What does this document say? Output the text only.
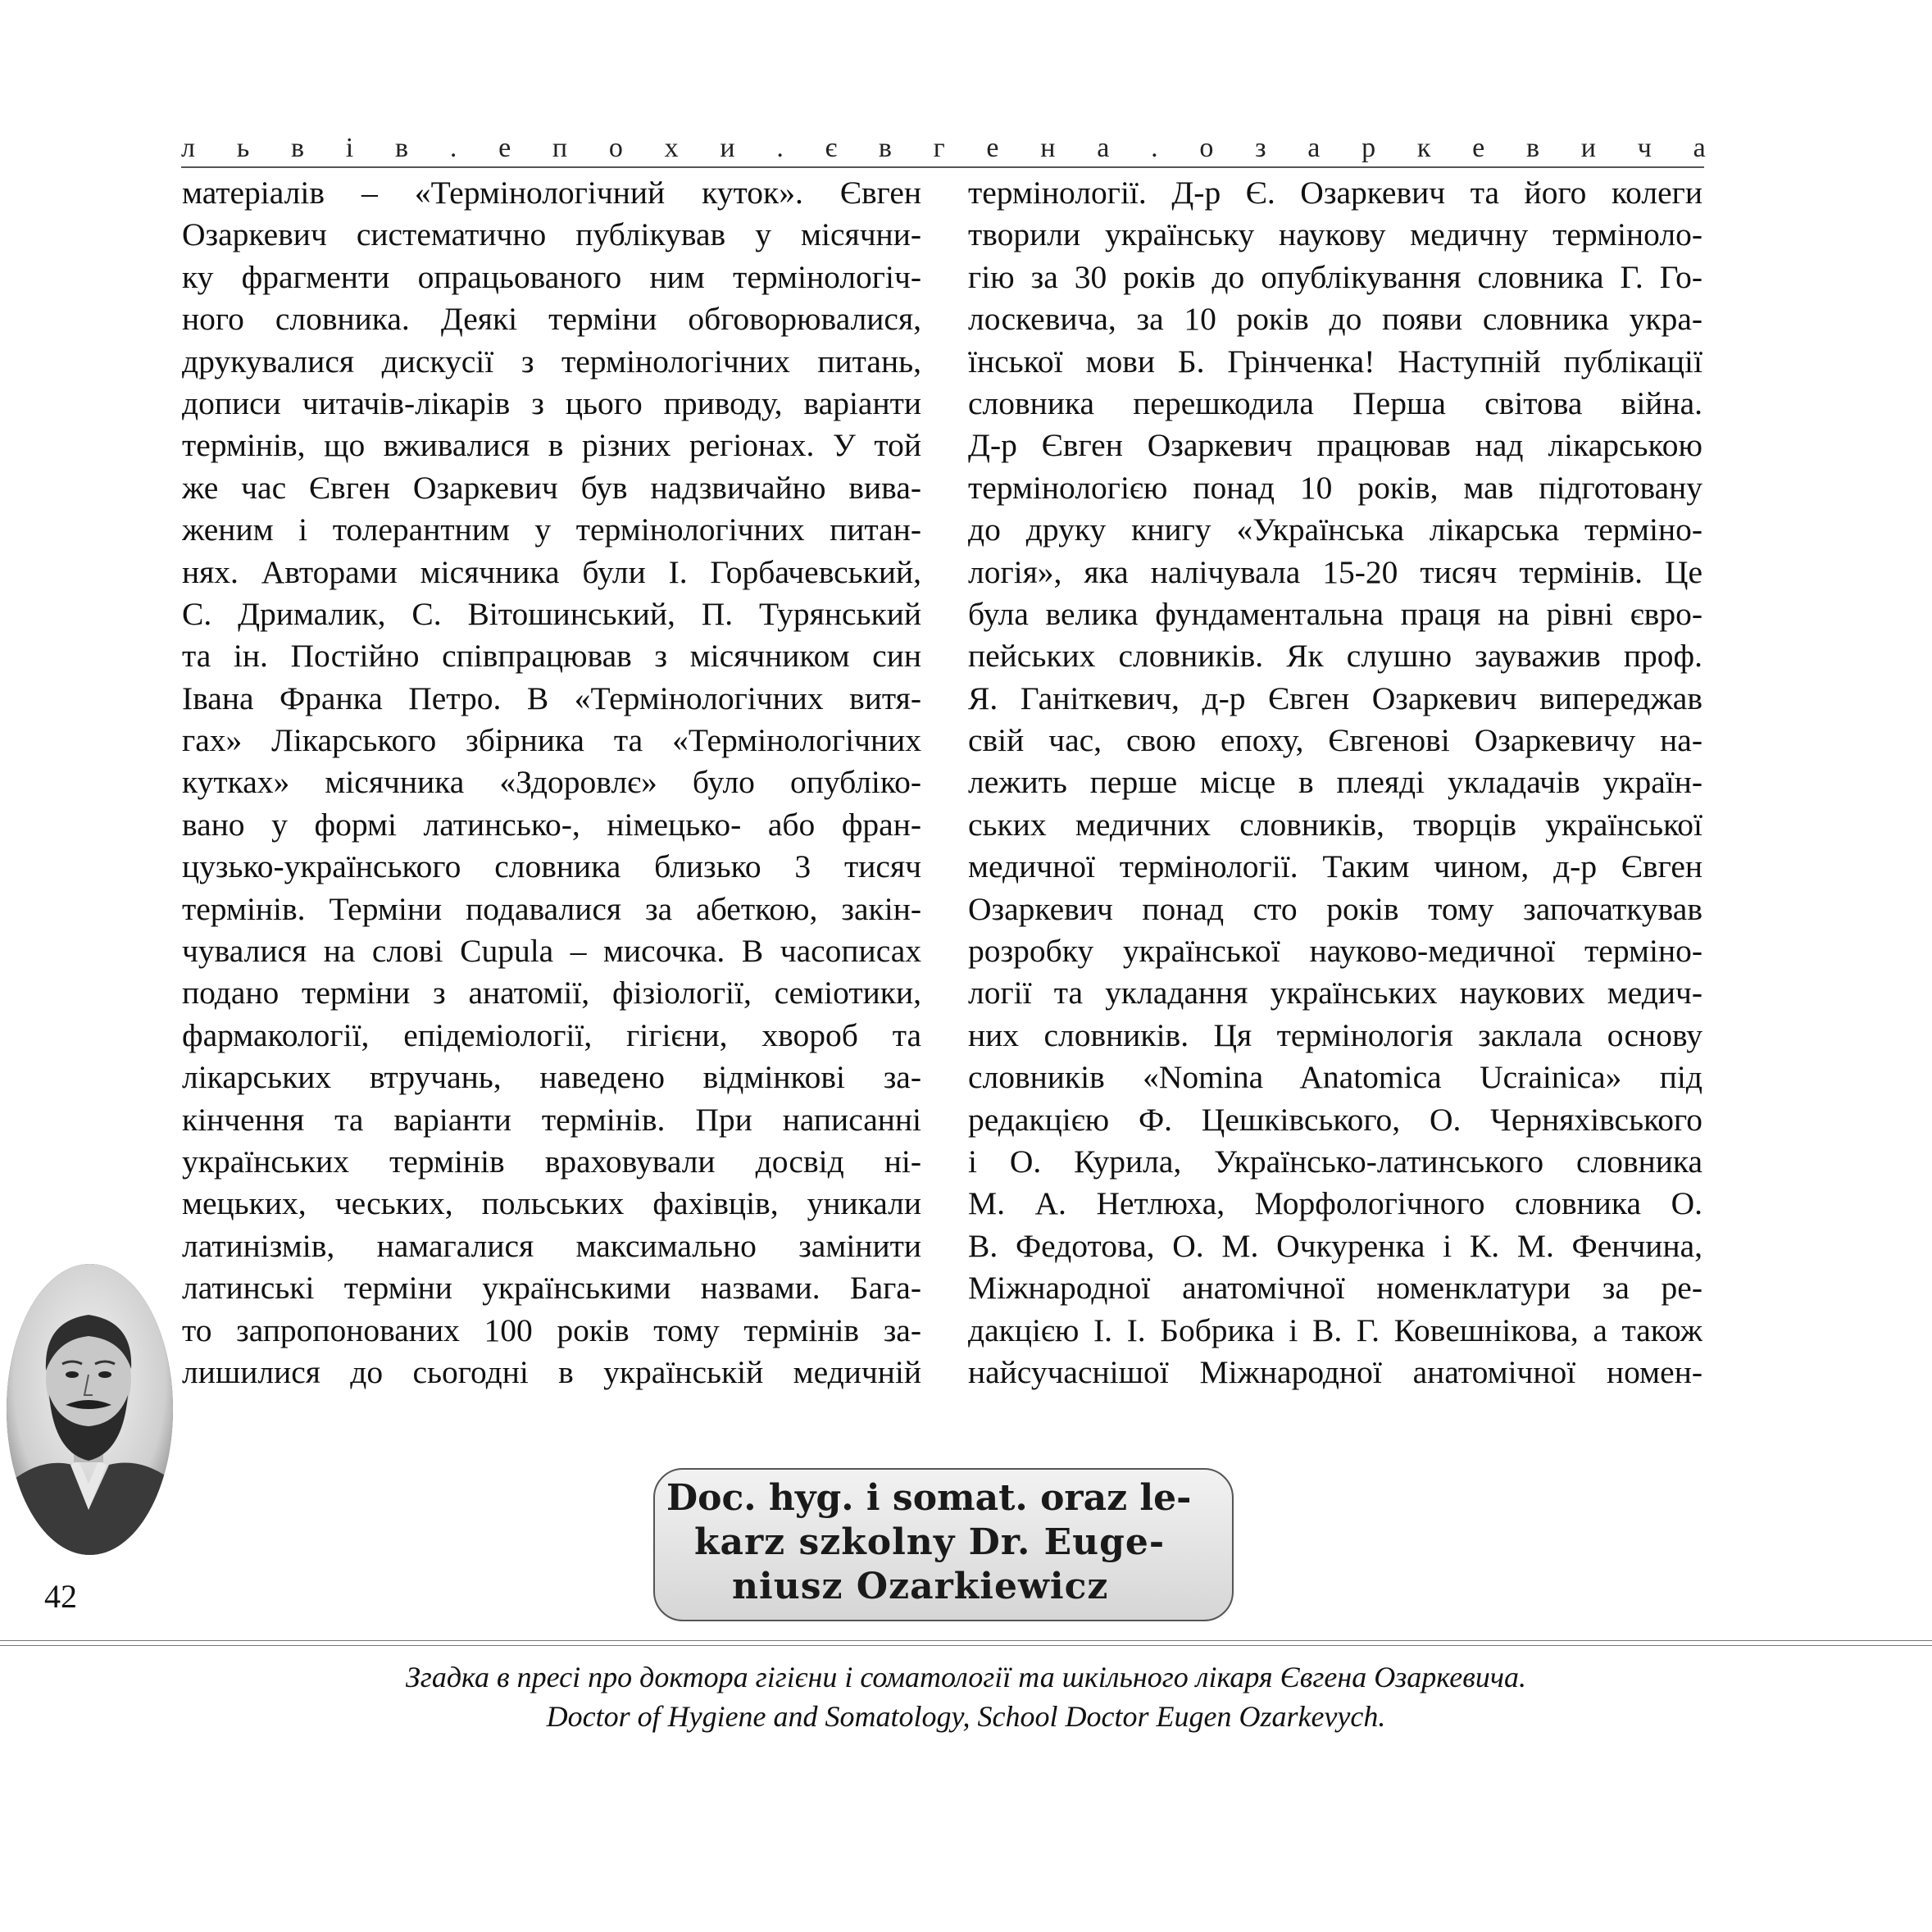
л ь в і в . е п о х и . є в г е н а . о з а р к е в и ч а
матеріалів – «Термінологічний куток». Євген
Озаркевич систематично публікував у місячни-
ку фрагменти опрацьованого ним термінологіч-
ного словника. Деякі терміни обговорювалися,
друкувалися дискусії з термінологічних питань,
дописи читачів-лікарів з цього приводу, варіанти
термінів, що вживалися в різних регіонах. У той
же час Євген Озаркевич був надзвичайно вива-
женим і толерантним у термінологічних питан-
нях. Авторами місячника були І. Горбачевський,
С. Дрималик, С. Вітошинський, П. Турянський
та ін. Постійно співпрацював з місячником син
Івана Франка Петро. В «Термінологічних витя-
гах» Лікарського збірника та «Термінологічних
кутках» місячника «Здоровлє» було опубліко-
вано у формі латинсько-, німецько- або фран-
цузько-українського словника близько 3 тисяч
термінів. Терміни подавалися за абеткою, закін-
чувалися на слові Cupula – мисочка. В часописах
подано терміни з анатомії, фізіології, семіотики,
фармакології, епідеміології, гігієни, хвороб та
лікарських втручань, наведено відмінкові за-
кінчення та варіанти термінів. При написанні
українських термінів враховували досвід ні-
мецьких, чеських, польських фахівців, уникали
латинізмів, намагалися максимально замінити
латинські терміни українськими назвами. Бага-
то запропонованих 100 років тому термінів за-
лишилися до сьогодні в українській медичній
термінології. Д-р Є. Озаркевич та його колеги
творили українську наукову медичну терміноло-
гію за 30 років до опублікування словника Г. Го-
лоскевича, за 10 років до появи словника укра-
їнської мови Б. Грінченка! Наступній публікації
словника перешкодила Перша світова війна.
Д-р Євген Озаркевич працював над лікарською
термінологією понад 10 років, мав підготовану
до друку книгу «Українська лікарська терміно-
логія», яка налічувала 15-20 тисяч термінів. Це
була велика фундаментальна праця на рівні євро-
пейських словників. Як слушно зауважив проф.
Я. Ганіткевич, д-р Євген Озаркевич випереджав
свій час, свою епоху, Євгенові Озаркевичу на-
лежить перше місце в плеяді укладачів україн-
ських медичних словників, творців української
медичної термінології. Таким чином, д-р Євген
Озаркевич понад сто років тому започаткував
розробку української науково-медичної терміно-
логії та укладання українських наукових медич-
них словників. Ця термінологія заклала основу
словників «Nomina Anatomica Ucrainica» під
редакцією Ф. Цешківського, О. Черняхівського
і О. Курила, Українсько-латинського словника
М. А. Нетлюха, Морфологічного словника О.
В. Федотова, О. М. Очкуренка і К. М. Фенчина,
Міжнародної анатомічної номенклатури за ре-
дакцією І. І. Бобрика і В. Г. Ковешнікова, а також
найсучаснішої Міжнародної анатомічної номен-
42
Doc. hyg. i somat. oraz le-
karz szkolny Dr. Euge-
niusz Ozarkiewicz
Згадка в пресі про доктора гігієни і соматології та шкільного лікаря Євгена Озаркевича.
Doctor of Hygiene and Somatology, School Doctor Eugen Ozarkevych.
